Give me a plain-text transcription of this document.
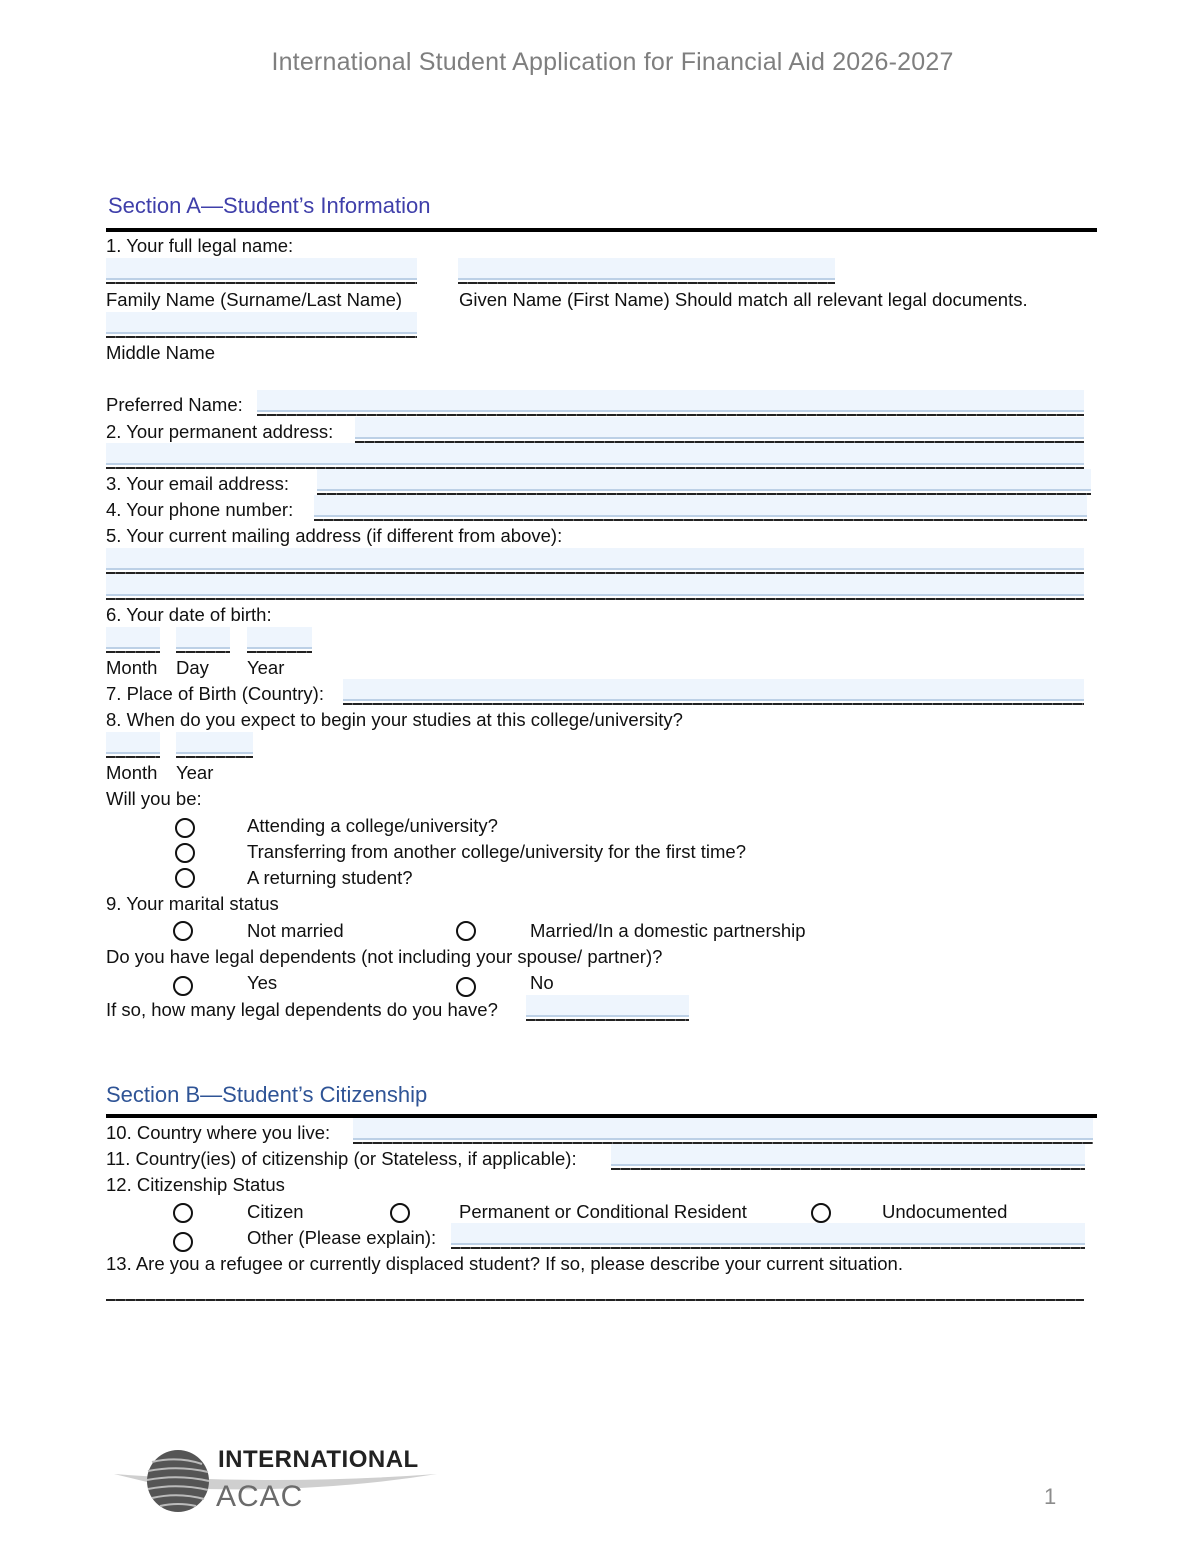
International Student Application for Financial Aid 2026-2027
Section A—Student’s Information
1. Your full legal name:
Family Name (Surname/Last Name)	Given Name (First Name) Should match all relevant legal documents.
Middle Name
Preferred Name:
2. Your permanent address:
3. Your email address:
4. Your phone number:
5. Your current mailing address (if different from above):
6. Your date of birth:
Month Day Year
7. Place of Birth (Country):
8. When do you expect to begin your studies at this college/university?
Month Year
Will you be:
Attending a college/university?
Transferring from another college/university for the first time?
A returning student?
9. Your marital status
Not married	Married/In a domestic partnership
Do you have legal dependents (not including your spouse/ partner)?
Yes	No
If so, how many legal dependents do you have?
Section B—Student’s Citizenship
10. Country where you live:
11. Country(ies) of citizenship (or Stateless, if applicable):
12. Citizenship Status
Citizen	Permanent or Conditional Resident	Undocumented
Other (Please explain):
13. Are you a refugee or currently displaced student? If so, please describe your current situation.
INTERNATIONAL
ACAC	1
